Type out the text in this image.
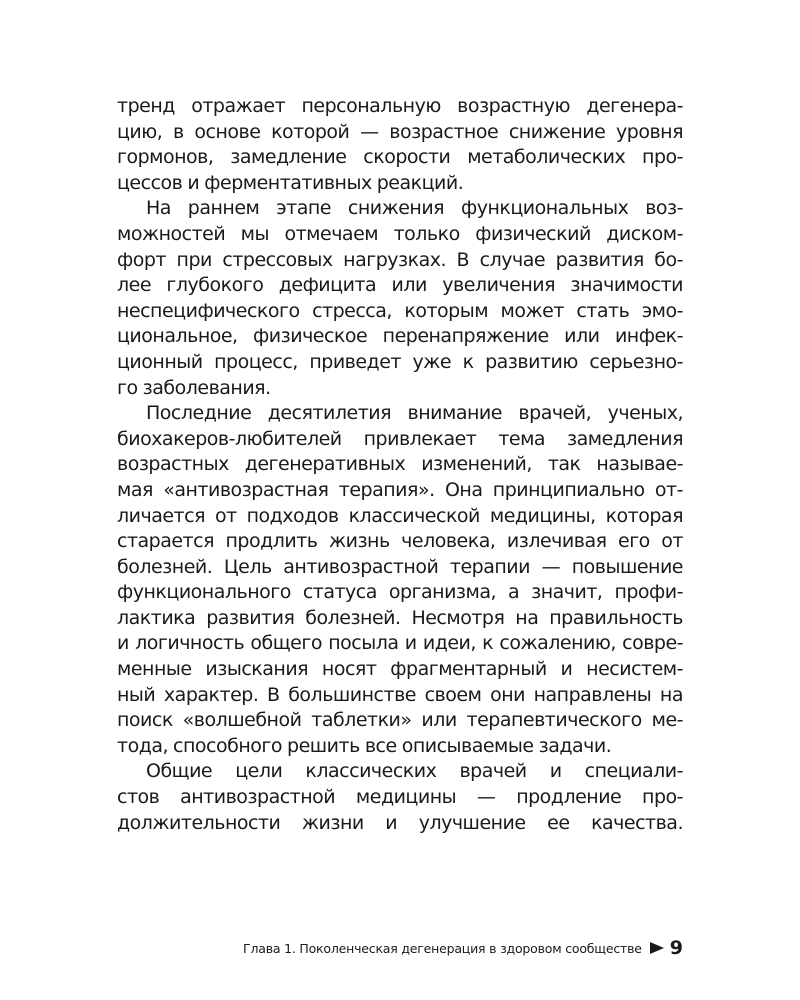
тренд отражает персональную возрастную дегенера-
цию, в основе которой — возрастное снижение уровня
гормонов, замедление скорости метаболических про-
цессов и ферментативных реакций.

На раннем этапе снижения функциональных воз-
можностей мы отмечаем только физический диском-
форт при стрессовых нагрузках. В случае развития бо-
лее глубокого дефицита или увеличения значимости
неспецифического стресса, которым может стать эмо-
циональное, физическое перенапряжение или инфек-
ционный процесс, приведет уже к развитию серьезно-
го заболевания.

Последние десятилетия внимание врачей, ученых,
биохакеров-любителей привлекает тема замедления
возрастных дегенеративных изменений, так называе-
мая «антивозрастная терапия». Она принципиально от-
личается от подходов классической медицины, которая
старается продлить жизнь человека, излечивая его от
болезней. Цель антивозрастной терапии — повышение
функционального статуса организма, а значит, профи-
лактика развития болезней. Несмотря на правильность
и логичность общего посыла и идеи, к сожалению, совре-
менные изыскания носят фрагментарный и несистем-
ный характер. В большинстве своем они направлены на
поиск «волшебной таблетки» или терапевтического ме-
тода, способного решить все описываемые задачи.

Общие цели классических врачей и специали-
стов антивозрастной медицины — продление про-
должительности жизни и улучшение ее качества.

Глава 1. Поколенческая дегенерация в здоровом сообществе 9
